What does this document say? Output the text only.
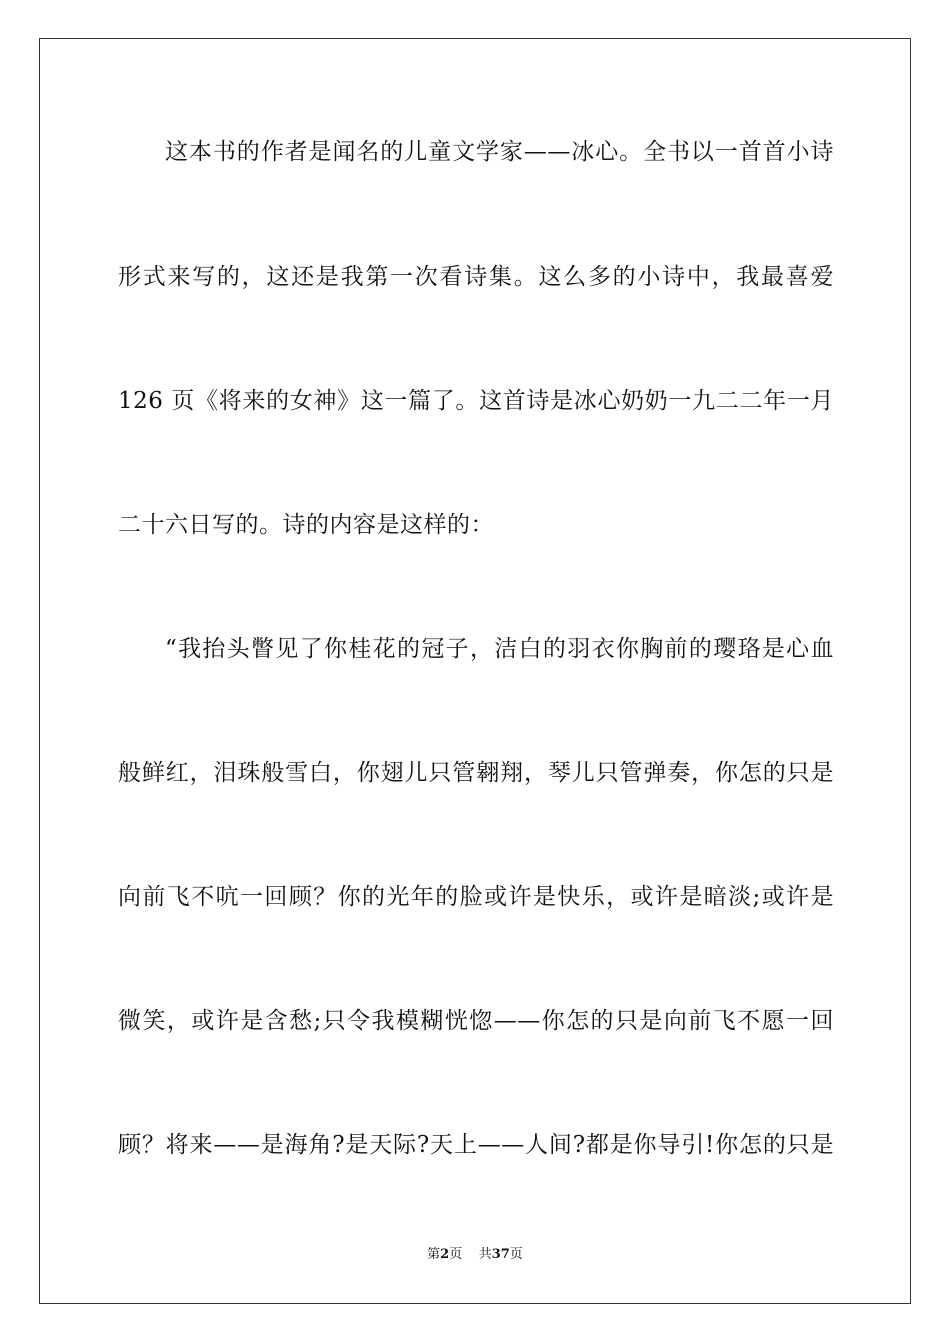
这本书的作者是闻名的儿童文学家——冰心。全书以一首首小诗
形式来写的，这还是我第一次看诗集。这么多的小诗中，我最喜爱
126 页《将来的女神》这一篇了。这首诗是冰心奶奶一九二二年一月
二十六日写的。诗的内容是这样的：
“我抬头瞥见了你桂花的冠子，洁白的羽衣你胸前的璎珞是心血
般鲜红，泪珠般雪白，你翅儿只管翱翔，琴儿只管弹奏，你怎的只是
向前飞不吭一回顾？你的光年的脸或许是快乐，或许是暗淡;或许是
微笑，或许是含愁;只令我模糊恍惚——你怎的只是向前飞不愿一回
顾？将来——是海角?是天际?天上——人间?都是你导引!你怎的只是
第2页 共37页
